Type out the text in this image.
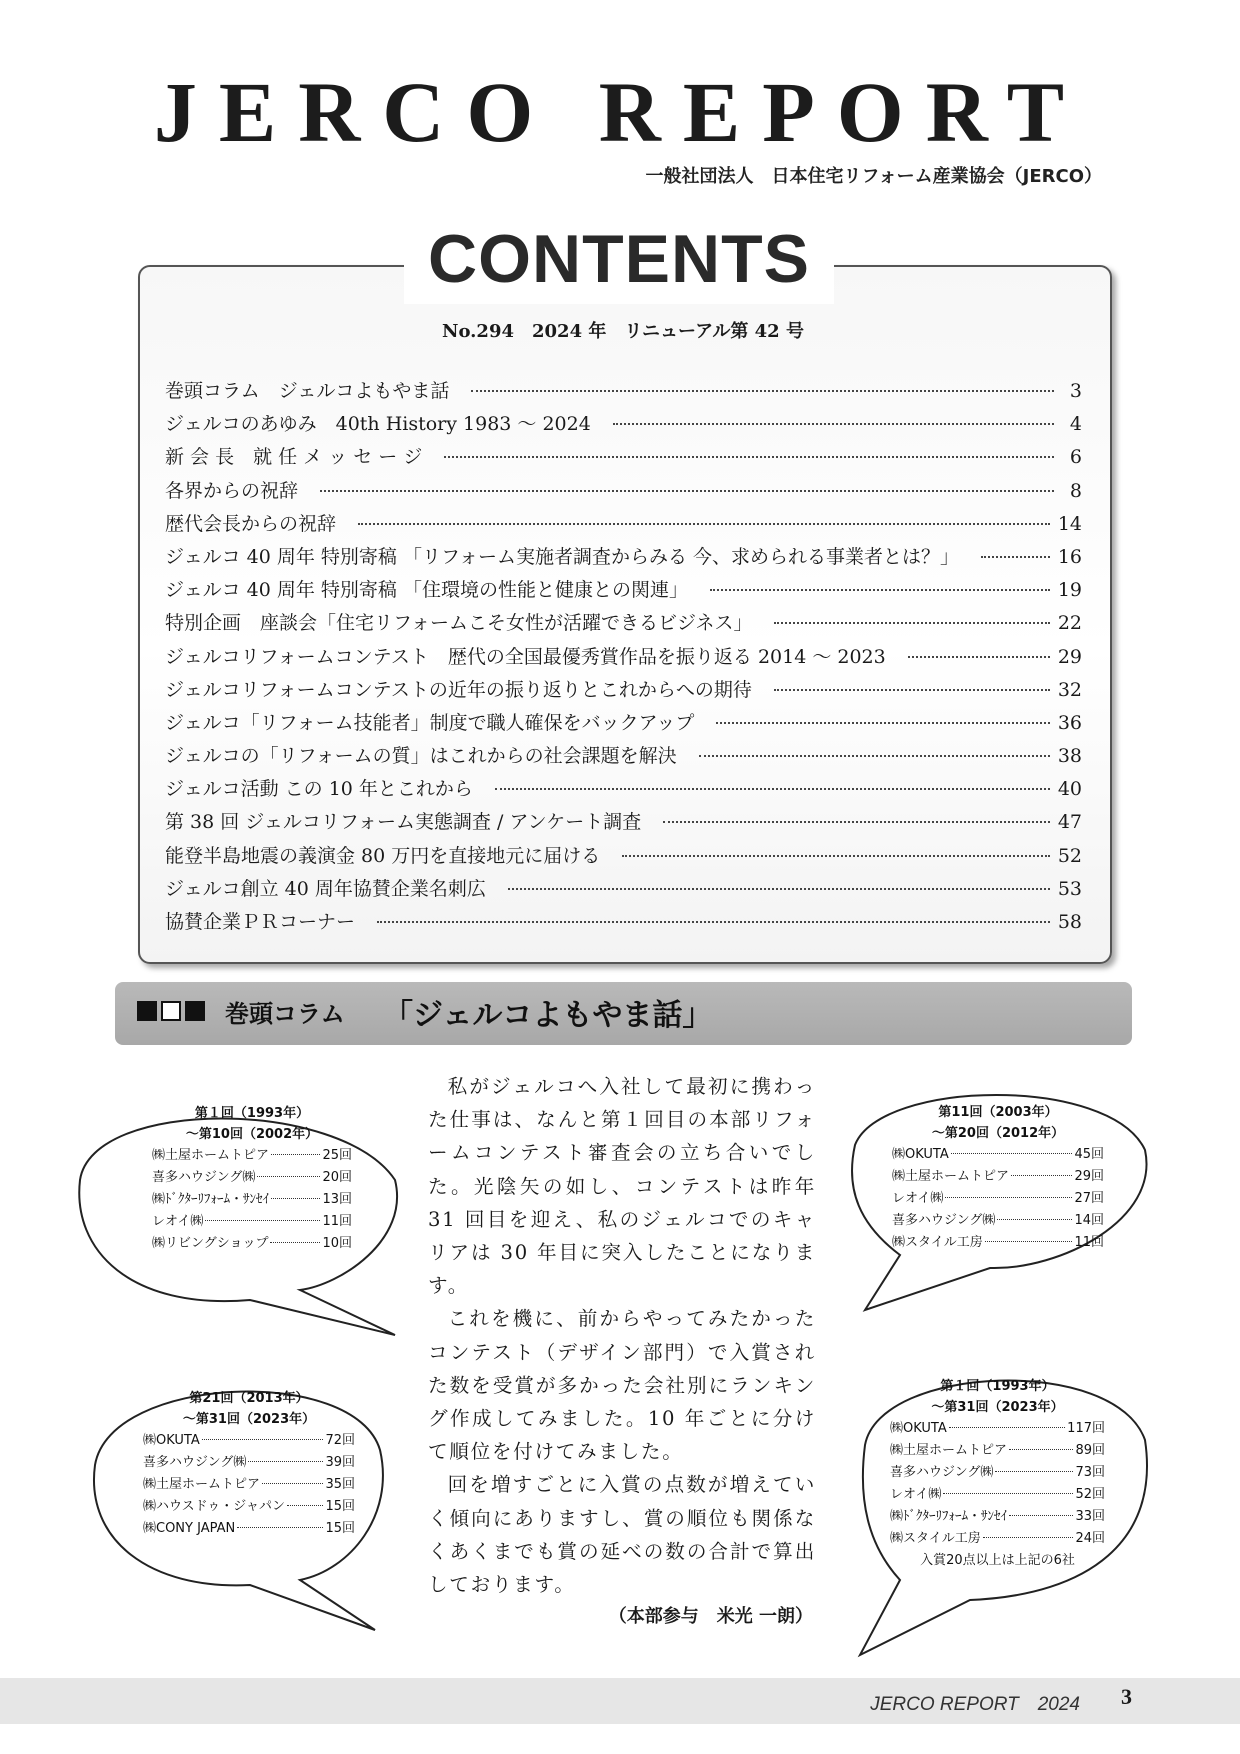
JERCO REPORT
一般社団法人　日本住宅リフォーム産業協会（JERCO）
CONTENTS
No.294　2024 年　リニューアル第 42 号
巻頭コラム　ジェルコよもやま話	3
ジェルコのあゆみ　40th History 1983 ～ 2024	4
新 会 長　就 任 メ ッ セ ー ジ	6
各界からの祝辞	8
歴代会長からの祝辞	14
ジェルコ 40 周年 特別寄稿 「リフォーム実施者調査からみる 今、求められる事業者とは？」	16
ジェルコ 40 周年 特別寄稿 「住環境の性能と健康との関連」	19
特別企画　座談会「住宅リフォームこそ女性が活躍できるビジネス」	22
ジェルコリフォームコンテスト　歴代の全国最優秀賞作品を振り返る 2014 ～ 2023	29
ジェルコリフォームコンテストの近年の振り返りとこれからへの期待	32
ジェルコ「リフォーム技能者」制度で職人確保をバックアップ	36
ジェルコの「リフォームの質」はこれからの社会課題を解決	38
ジェルコ活動 この 10 年とこれから	40
第 38 回 ジェルコリフォーム実態調査 / アンケート調査	47
能登半島地震の義演金 80 万円を直接地元に届ける	52
ジェルコ創立 40 周年協賛企業名刺広	53
協賛企業ＰＲコーナー	58
巻頭コラム 「ジェルコよもやま話」
第１回（1993年）
～第10回（2002年）
㈱土屋ホームトピア	25回
喜多ハウジング㈱	20回
㈱ﾄﾞｸﾀｰﾘﾌｫｰﾑ・ｻﾝｾｲ	13回
レオイ㈱	11回
㈱リビングショップ	10回
第11回（2003年）
～第20回（2012年）
㈱OKUTA	45回
㈱土屋ホームトピア	29回
レオイ㈱	27回
喜多ハウジング㈱	14回
㈱スタイル工房	11回
第21回（2013年）
～第31回（2023年）
㈱OKUTA	72回
喜多ハウジング㈱	39回
㈱土屋ホームトピア	35回
㈱ハウスドゥ・ジャパン	15回
㈱CONY JAPAN	15回
第１回（1993年）
～第31回（2023年）
㈱OKUTA	117回
㈱土屋ホームトピア	89回
喜多ハウジング㈱	73回
レオイ㈱	52回
㈱ﾄﾞｸﾀｰﾘﾌｫｰﾑ・ｻﾝｾｲ	33回
㈱スタイル工房	24回
入賞20点以上は上記の6社

私がジェルコへ入社して最初に携わった仕事は、なんと第１回目の本部リフォームコンテスト審査会の立ち合いでした。光陰矢の如し、コンテストは昨年 31 回目を迎え、私のジェルコでのキャリアは 30 年目に突入したことになります。

これを機に、前からやってみたかったコンテスト（デザイン部門）で入賞された数を受賞が多かった会社別にランキング作成してみました。10 年ごとに分けて順位を付けてみました。

回を増すごとに入賞の点数が増えていく傾向にありますし、賞の順位も関係なくあくまでも賞の延べの数の合計で算出しております。

（本部参与　米光 一朗）
JERCO REPORT　2024 3
